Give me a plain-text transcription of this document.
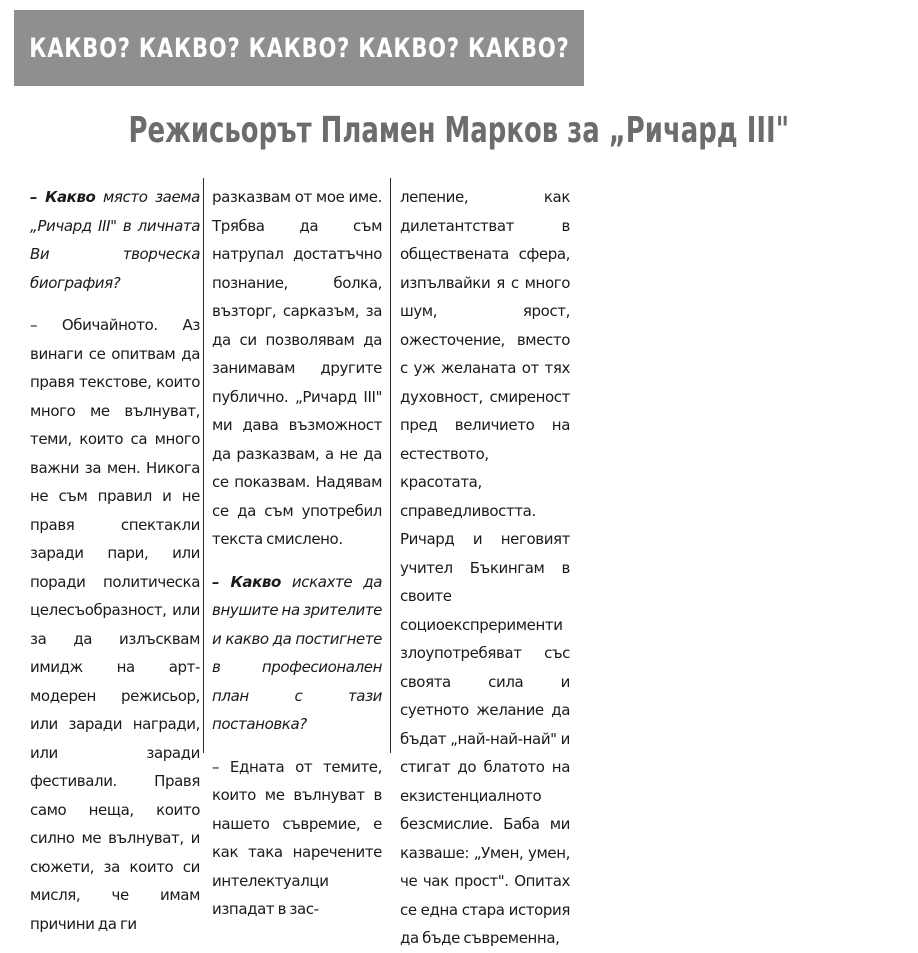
КАКВО? КАКВО? КАКВО? КАКВО? КАКВО?
Режисьорът Пламен Марков за „Ричард III"

– Какво място заема „Ричард III" в личната Ви творческа биография?

– Обичайното. Аз винаги се опитвам да правя текстове, които много ме вълнуват, теми, които са много важни за мен. Никога не съм правил и не правя спектакли заради пари, или поради политическа целесъобразност, или за да излъсквам имидж на арт-модерен режисьор, или заради награди, или заради фестивали. Правя само неща, които силно ме вълнуват, и сюжети, за които си мисля, че имам причини да ги

разказвам от мое име. Трябва да съм натрупал достатъчно познание, болка, възторг, сарказъм, за да си позволявам да занимавам другите публично. „Ричард III" ми дава възможност да разказвам, а не да се показвам. Надявам се да съм употребил текста смислено.

– Какво искахте да внушите на зрителите и какво да постигнете в професионален план с тази постановка?

– Едната от темите, които ме вълнуват в нашето съвремие, е как така наречените интелектуалци изпадат в зас-

лепение, как дилетантстват в обществената сфера, изпълвайки я с много шум, ярост, ожесточение, вместо с уж желаната от тях духовност, смиреност пред величието на естеството, красотата, справедливостта. Ричард и неговият учител Бъкингам в своите социоекспрерименти злоупотребяват със своята сила и суетното желание да бъдат „най-най-най" и стигат до блатото на екзистенциалното безсмислие. Баба ми казваше: „Умен, умен, че чак прост". Опитах се една стара история да бъде съвременна,
